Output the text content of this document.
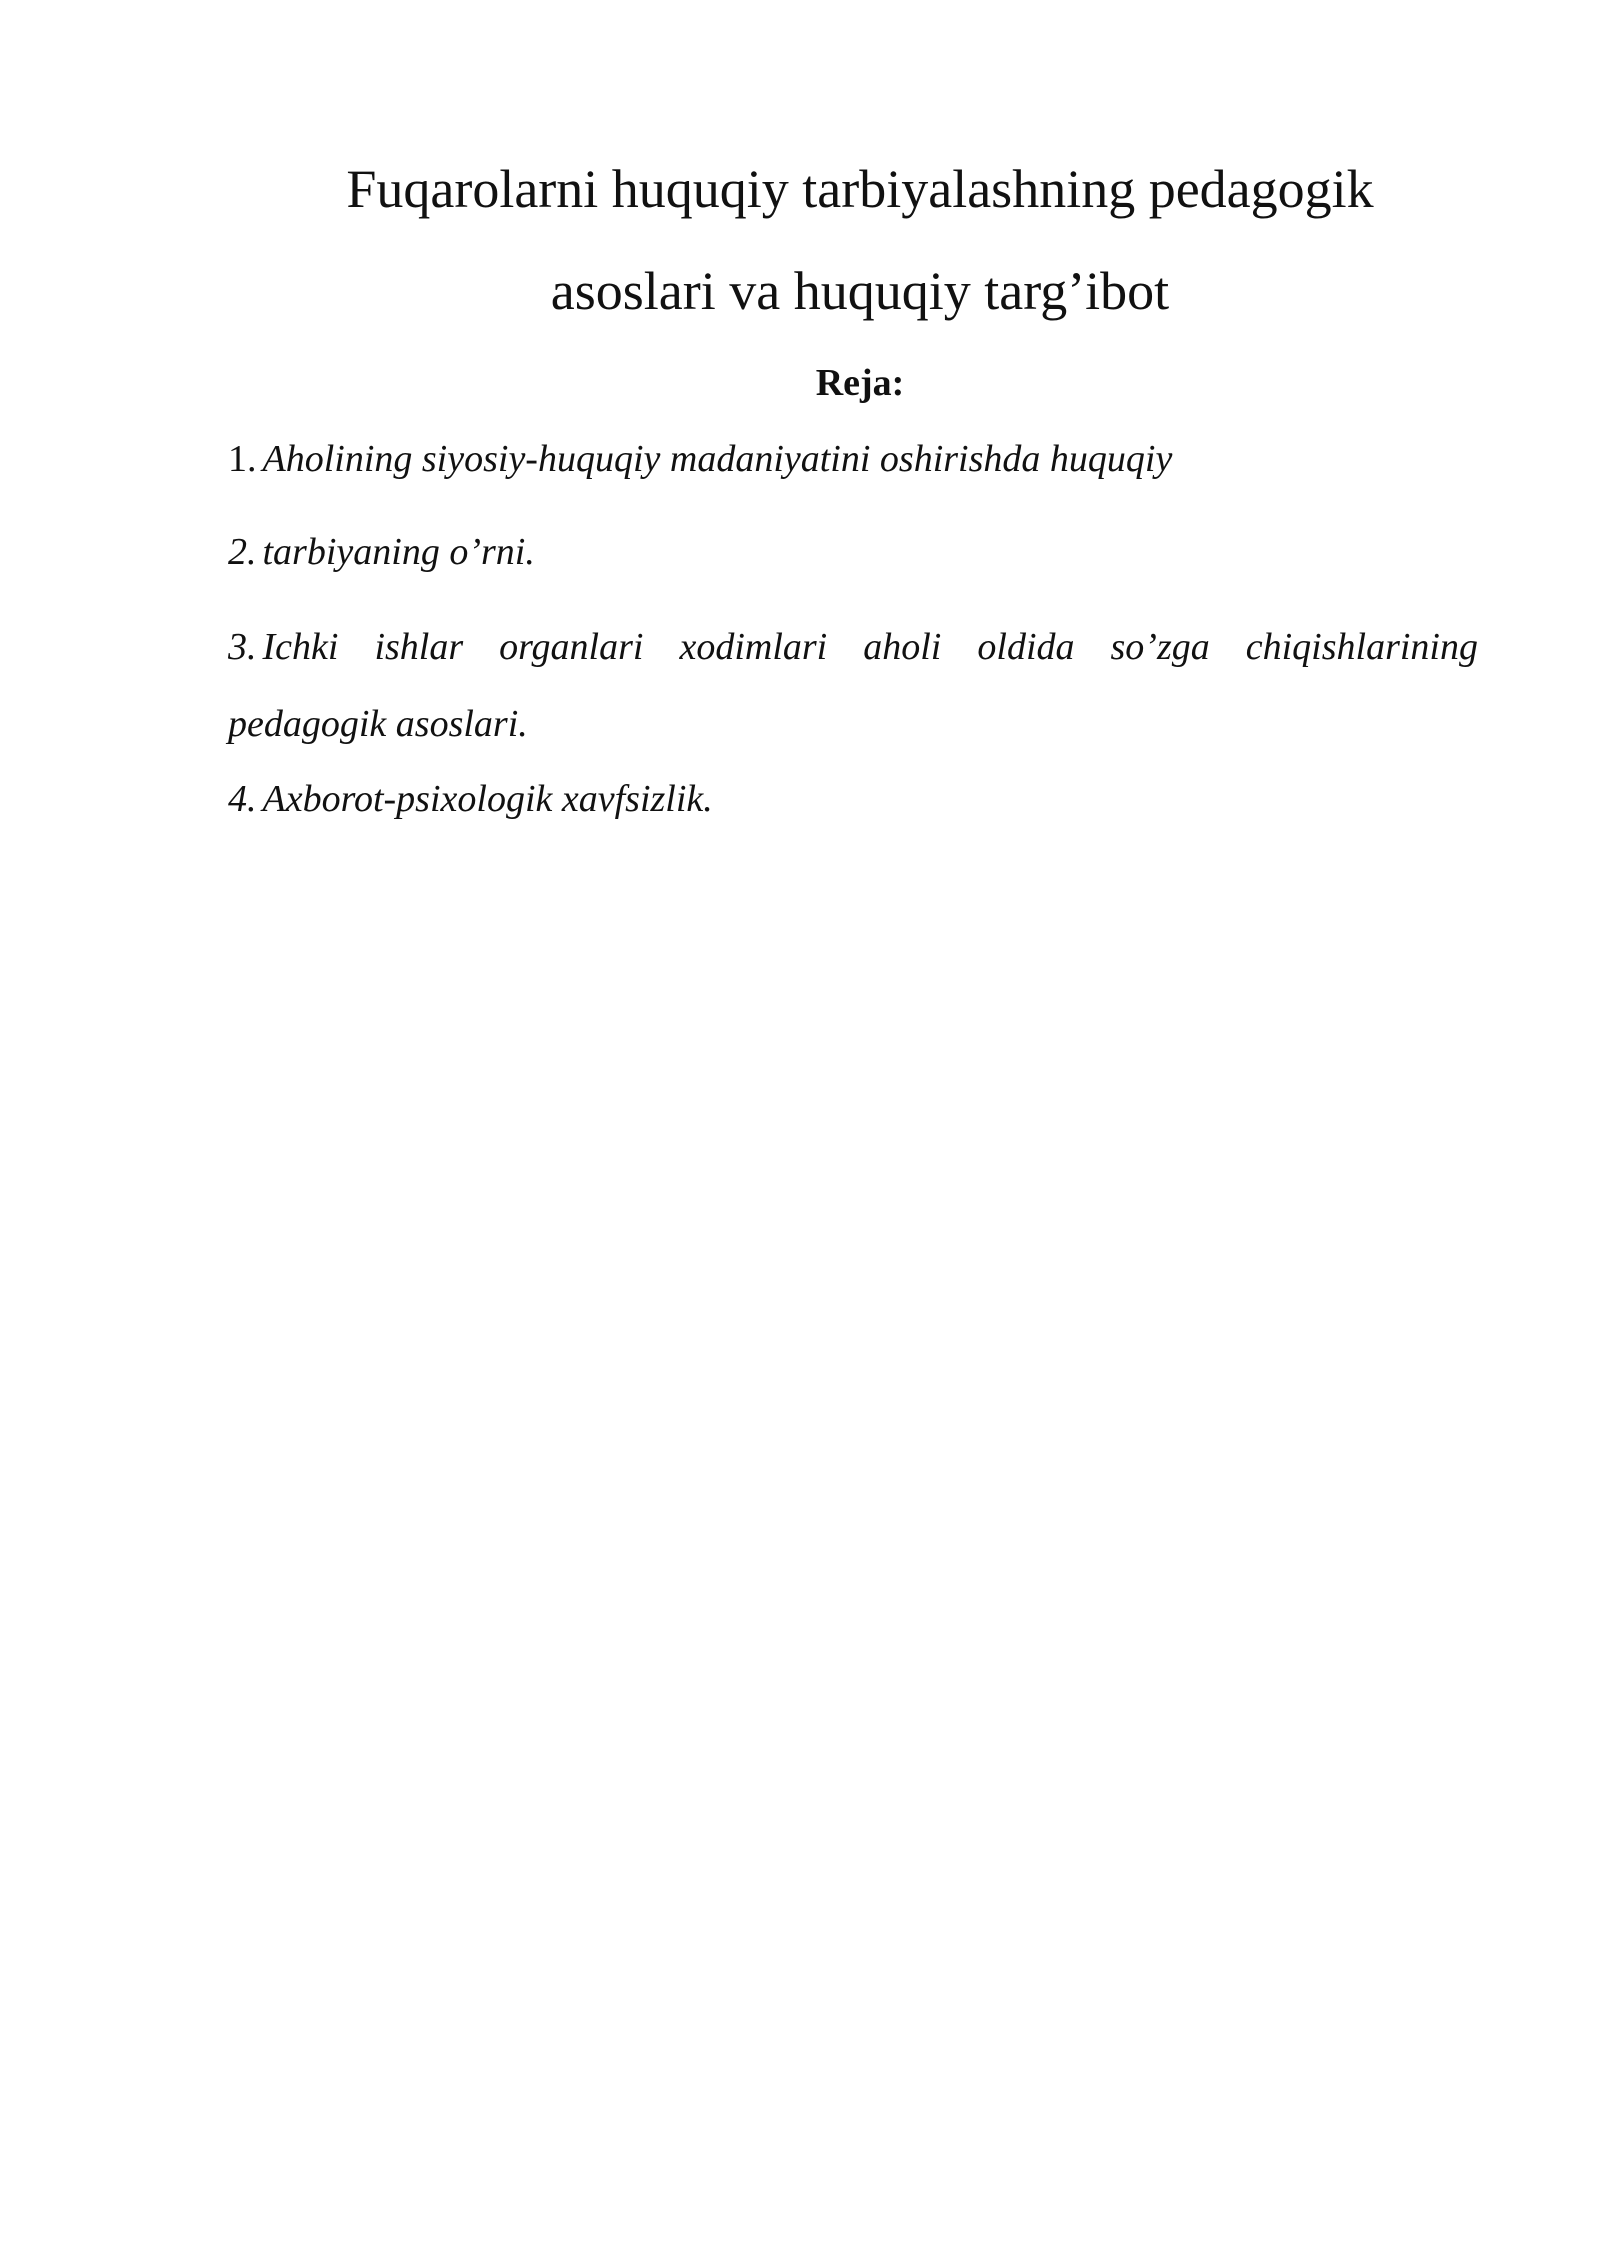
Fuqarolarni huquqiy tarbiyalashning pedagogik
asoslari va huquqiy targ’ibot
Reja:

1. Aholining siyosiy-huquqiy madaniyatini oshirishda huquqiy

2. tarbiyaning o’rni.

3. Ichki ishlar organlari xodimlari aholi oldida so’zga chiqishlarining

pedagogik asoslari.

4. Axborot-psixologik xavfsizlik.
